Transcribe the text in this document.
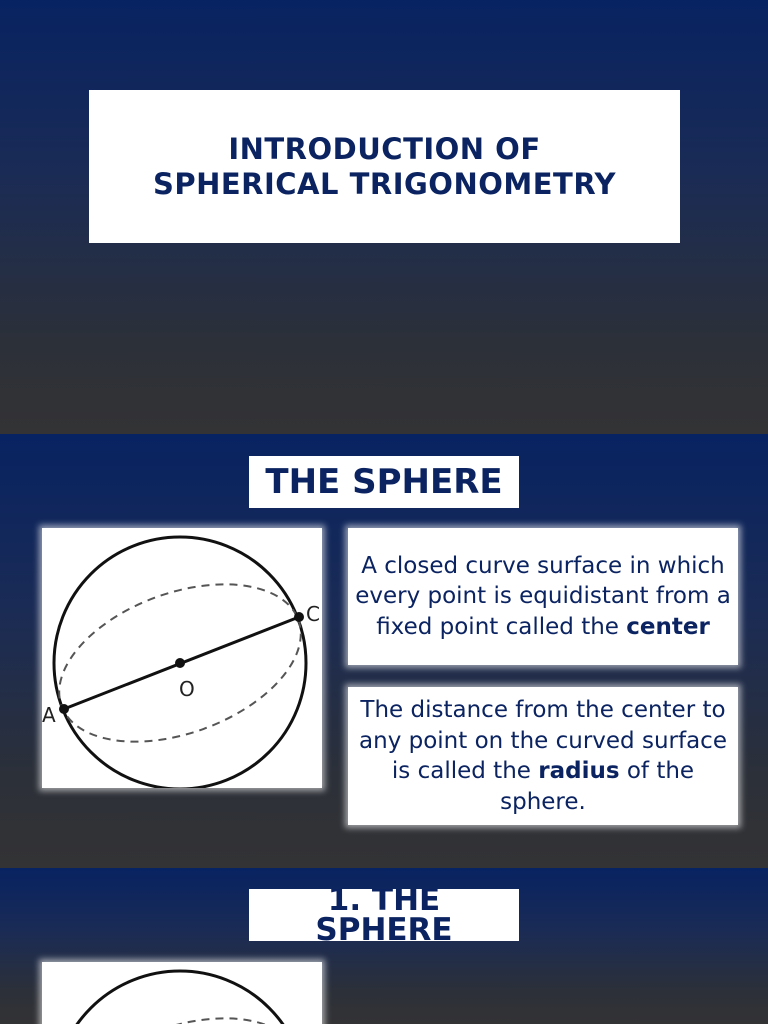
INTRODUCTION OF
SPHERICAL TRIGONOMETRY
THE SPHERE
A
O
C
A closed curve surface in which every point is equidistant from a fixed point called the center
The distance from the center to any point on the curved surface is called the radius of the sphere.
1. THE
SPHERE
